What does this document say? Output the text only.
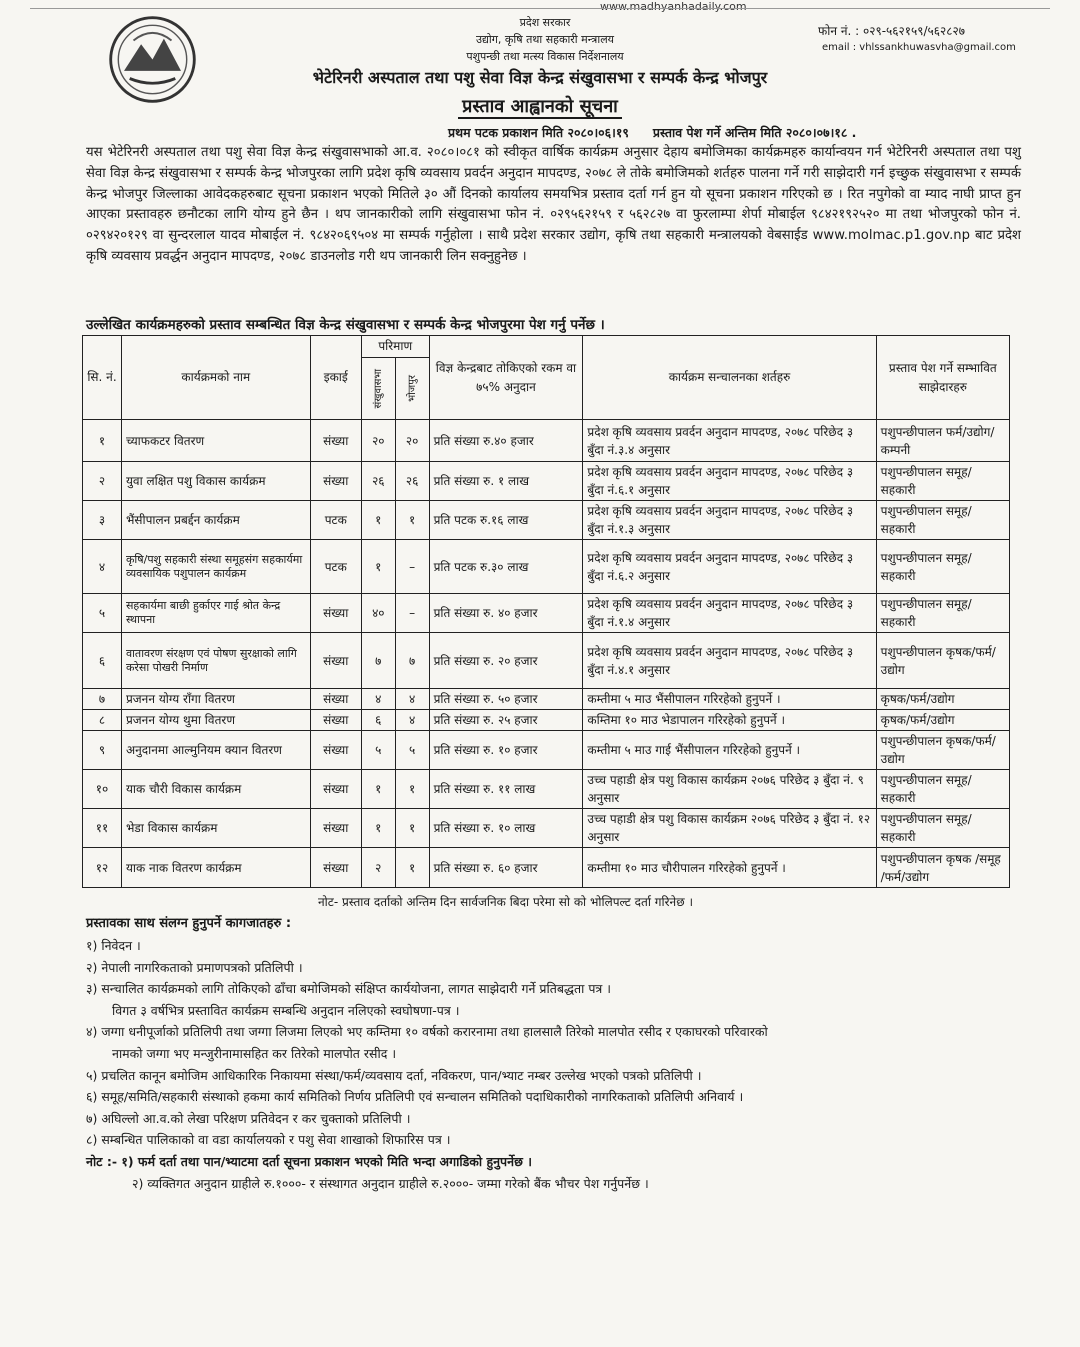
www.madhyanhadaily.com
प्रदेश सरकार
उद्योग, कृषि तथा सहकारी मन्त्रालय
पशुपन्छी तथा मत्स्य विकास निर्देशनालय
फोन नं. : ०२९-५६२१५९/५६२८२७
email : vhlssankhuwasvha@gmail.com
भेटेरिनरी अस्पताल तथा पशु सेवा विज्ञ केन्द्र संखुवासभा र सम्पर्क केन्द्र भोजपुर
प्रस्ताव आह्वानको सूचना
प्रथम पटक प्रकाशन मिति २०८०।०६।१९ प्रस्ताव पेश गर्ने अन्तिम मिति २०८०।०७।१८ .
यस भेटेरिनरी अस्पताल तथा पशु सेवा विज्ञ केन्द्र संखुवासभाको आ.व. २०८०।०८१ को स्वीकृत वार्षिक कार्यक्रम अनुसार देहाय बमोजिमका कार्यक्रमहरु कार्यान्वयन गर्न भेटेरिनरी अस्पताल तथा पशु सेवा विज्ञ केन्द्र संखुवासभा र सम्पर्क केन्द्र भोजपुरका लागि प्रदेश कृषि व्यवसाय प्रवर्दन अनुदान मापदण्ड, २०७८ ले तोके बमोजिमको शर्तहरु पालना गर्ने गरी साझेदारी गर्न इच्छुक संखुवासभा र सम्पर्क केन्द्र भोजपुर जिल्लाका आवेदकहरुबाट सूचना प्रकाशन भएको मितिले ३० औं दिनको कार्यालय समयभित्र प्रस्ताव दर्ता गर्न हुन यो सूचना प्रकाशन गरिएको छ । रित नपुगेको वा म्याद नाघी प्राप्त हुन आएका प्रस्तावहरु छनौटका लागि योग्य हुने छैन । थप जानकारीको लागि संखुवासभा फोन नं. ०२९५६२१५९ र ५६२८२७ वा फुरलाम्पा शेर्पा मोबाईल ९८४२१९२५२० मा तथा भोजपुरको फोन नं. ०२९४२०१२९ वा सुन्दरलाल यादव मोबाईल नं. ९८४२०६९५०४ मा सम्पर्क गर्नुहोला । साथै प्रदेश सरकार उद्योग, कृषि तथा सहकारी मन्त्रालयको वेबसाईड www.molmac.p1.gov.np बाट प्रदेश कृषि व्यवसाय प्रवर्द्धन अनुदान मापदण्ड, २०७८ डाउनलोड गरी थप जानकारी लिन सक्नुहुनेछ ।
उल्लेखित कार्यक्रमहरुको प्रस्ताव सम्बन्धित विज्ञ केन्द्र संखुवासभा र सम्पर्क केन्द्र भोजपुरमा पेश गर्नु पर्नेछ ।
सि. नं.	कार्यक्रमको नाम	इकाई	परिमाण		विज्ञ केन्द्रबाट तोकिएको रकम वा ७५% अनुदान	कार्यक्रम सन्चालनका शर्तहरु	प्रस्ताव पेश गर्ने सम्भावित साझेदारहरु

			संखुवासभा	भोजपुर			

१	च्याफकटर वितरण	संख्या	२०	२०	प्रति संख्या रु.४० हजार	प्रदेश कृषि व्यवसाय प्रवर्दन अनुदान मापदण्ड, २०७८ परिछेद ३ बुँदा नं.३.४ अनुसार	पशुपन्छीपालन फर्म/उद्योग/कम्पनी
२	युवा लक्षित पशु विकास कार्यक्रम	संख्या	२६	२६	प्रति संख्या रु. १ लाख	प्रदेश कृषि व्यवसाय प्रवर्दन अनुदान मापदण्ड, २०७८ परिछेद ३ बुँदा नं.६.१ अनुसार	पशुपन्छीपालन समूह/सहकारी
३	भैंसीपालन प्रबर्द्दन कार्यक्रम	पटक	१	१	प्रति पटक रु.१६ लाख	प्रदेश कृषि व्यवसाय प्रवर्दन अनुदान मापदण्ड, २०७८ परिछेद ३ बुँदा नं.१.३ अनुसार	पशुपन्छीपालन समूह/सहकारी
४	कृषि/पशु सहकारी संस्था समूहसंग सहकार्यमा व्यवसायिक पशुपालन कार्यक्रम	पटक	१	–	प्रति पटक रु.३० लाख	प्रदेश कृषि व्यवसाय प्रवर्दन अनुदान मापदण्ड, २०७८ परिछेद ३ बुँदा नं.६.२ अनुसार	पशुपन्छीपालन समूह/सहकारी
५	सहकार्यमा बाछी हुर्काएर गाई श्रोत केन्द्र स्थापना	संख्या	४०	–	प्रति संख्या रु. ४० हजार	प्रदेश कृषि व्यवसाय प्रवर्दन अनुदान मापदण्ड, २०७८ परिछेद ३ बुँदा नं.१.४ अनुसार	पशुपन्छीपालन समूह/सहकारी
६	वातावरण संरक्षण एवं पोषण सुरक्षाको लागि करेसा पोखरी निर्माण	संख्या	७	७	प्रति संख्या रु. २० हजार	प्रदेश कृषि व्यवसाय प्रवर्दन अनुदान मापदण्ड, २०७८ परिछेद ३ बुँदा नं.४.१ अनुसार	पशुपन्छीपालन कृषक/फर्म/उद्योग
७	प्रजनन योग्य राँगा वितरण	संख्या	४	४	प्रति संख्या रु. ५० हजार	कम्तीमा ५ माउ भैंसीपालन गरिरहेको हुनुपर्ने ।	कृषक/फर्म/उद्योग
८	प्रजनन योग्य थुमा वितरण	संख्या	६	४	प्रति संख्या रु. २५ हजार	कम्तिमा १० माउ भेडापालन गरिरहेको हुनुपर्ने ।	कृषक/फर्म/उद्योग
९	अनुदानमा आल्मुनियम क्यान वितरण	संख्या	५	५	प्रति संख्या रु. १० हजार	कम्तीमा ५ माउ गाई भैंसीपालन गरिरहेको हुनुपर्ने ।	पशुपन्छीपालन कृषक/फर्म/उद्योग
१०	याक चौरी विकास कार्यक्रम	संख्या	१	१	प्रति संख्या रु. ११ लाख	उच्च पहाडी क्षेत्र पशु विकास कार्यक्रम २०७६ परिछेद ३ बुँदा नं. ९ अनुसार	पशुपन्छीपालन समूह/सहकारी
११	भेडा विकास कार्यक्रम	संख्या	१	१	प्रति संख्या रु. १० लाख	उच्च पहाडी क्षेत्र पशु विकास कार्यक्रम २०७६ परिछेद ३ बुँदा नं. १२ अनुसार	पशुपन्छीपालन समूह/सहकारी
१२	याक नाक वितरण कार्यक्रम	संख्या	२	१	प्रति संख्या रु. ६० हजार	कम्तीमा १० माउ चौरीपालन गरिरहेको हुनुपर्ने ।	पशुपन्छीपालन कृषक /समूह /फर्म/उद्योग
नोट- प्रस्ताव दर्ताको अन्तिम दिन सार्वजनिक बिदा परेमा सो को भोलिपल्ट दर्ता गरिनेछ ।
प्रस्तावका साथ संलग्न हुनुपर्ने कागजातहरु :
१) निवेदन ।
२) नेपाली नागरिकताको प्रमाणपत्रको प्रतिलिपी ।
३) सन्चालित कार्यक्रमको लागि तोकिएको ढाँचा बमोजिमको संक्षिप्त कार्ययोजना, लागत साझेदारी गर्ने प्रतिबद्धता पत्र ।
विगत ३ वर्षभित्र प्रस्तावित कार्यक्रम सम्बन्धि अनुदान नलिएको स्वघोषणा-पत्र ।
४) जग्गा धनीपूर्जाको प्रतिलिपी तथा जग्गा लिजमा लिएको भए कम्तिमा १० वर्षको करारनामा तथा हालसालै तिरेको मालपोत रसीद र एकाघरको परिवारको
नामको जग्गा भए मन्जुरीनामासहित कर तिरेको मालपोत रसीद ।
५) प्रचलित कानून बमोजिम आधिकारिक निकायमा संस्था/फर्म/व्यवसाय दर्ता, नविकरण, पान/भ्याट नम्बर उल्लेख भएको पत्रको प्रतिलिपी ।
६) समूह/समिति/सहकारी संस्थाको हकमा कार्य समितिको निर्णय प्रतिलिपी एवं सन्चालन समितिको पदाधिकारीको नागरिकताको प्रतिलिपी अनिवार्य ।
७) अघिल्लो आ.व.को लेखा परिक्षण प्रतिवेदन र कर चुक्ताको प्रतिलिपी ।
८) सम्बन्धित पालिकाको वा वडा कार्यालयको र पशु सेवा शाखाको शिफारिस पत्र ।
नोट :- १) फर्म दर्ता तथा पान/भ्याटमा दर्ता सूचना प्रकाशन भएको मिति भन्दा अगाडिको हुनुपर्नेछ ।
२) व्यक्तिगत अनुदान ग्राहीले रु.१०००- र संस्थागत अनुदान ग्राहीले रु.२०००- जम्मा गरेको बैंक भौचर पेश गर्नुपर्नेछ ।
